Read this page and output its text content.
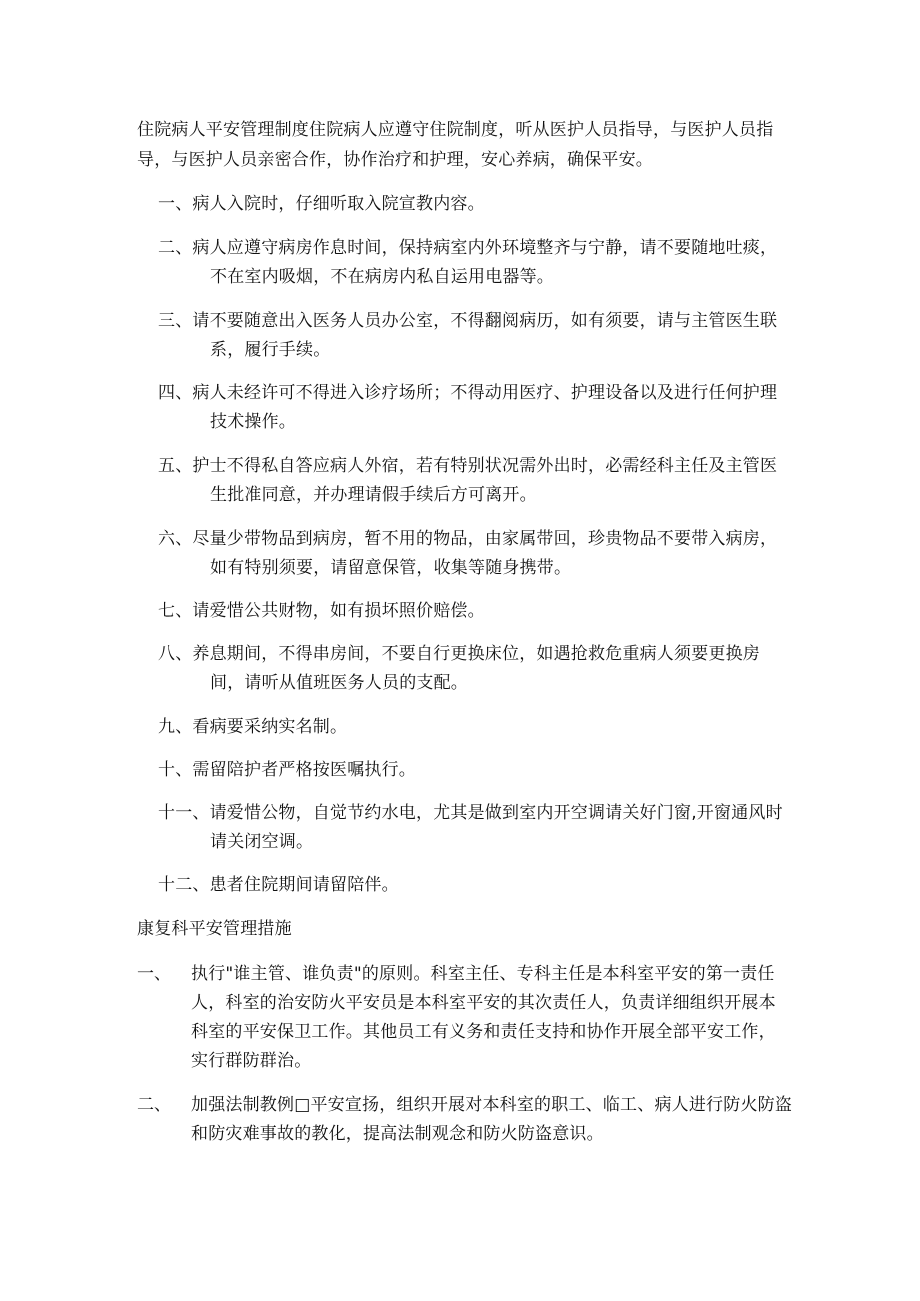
住院病人平安管理制度住院病人应遵守住院制度，听从医护人员指导，与医护人员指
导，与医护人员亲密合作，协作治疗和护理，安心养病，确保平安。
一、病人入院时，仔细听取入院宣教内容。
二、病人应遵守病房作息时间，保持病室内外环境整齐与宁静，请不要随地吐痰，
不在室内吸烟，不在病房内私自运用电器等。
三、请不要随意出入医务人员办公室，不得翻阅病历，如有须要，请与主管医生联
系，履行手续。
四、病人未经许可不得进入诊疗场所；不得动用医疗、护理设备以及进行任何护理
技术操作。
五、护士不得私自答应病人外宿，若有特别状况需外出时，必需经科主任及主管医
生批准同意，并办理请假手续后方可离开。
六、尽量少带物品到病房，暂不用的物品，由家属带回，珍贵物品不要带入病房，
如有特别须要，请留意保管，收集等随身携带。
七、请爱惜公共财物，如有损坏照价赔偿。
八、养息期间，不得串房间，不要自行更换床位，如遇抢救危重病人须要更换房
间，请听从值班医务人员的支配。
九、看病要采纳实名制。
十、需留陪护者严格按医嘱执行。
十一、请爱惜公物，自觉节约水电，尤其是做到室内开空调请关好门窗,开窗通风时
请关闭空调。
十二、患者住院期间请留陪伴。
康复科平安管理措施
一、 执行"谁主管、谁负责"的原则。科室主任、专科主任是本科室平安的第一责任
人，科室的治安防火平安员是本科室平安的其次责任人，负责详细组织开展本
科室的平安保卫工作。其他员工有义务和责任支持和协作开展全部平安工作，
实行群防群治。
二、 加强法制教例□平安宣扬，组织开展对本科室的职工、临工、病人进行防火防盗
和防灾难事故的教化，提高法制观念和防火防盗意识。
